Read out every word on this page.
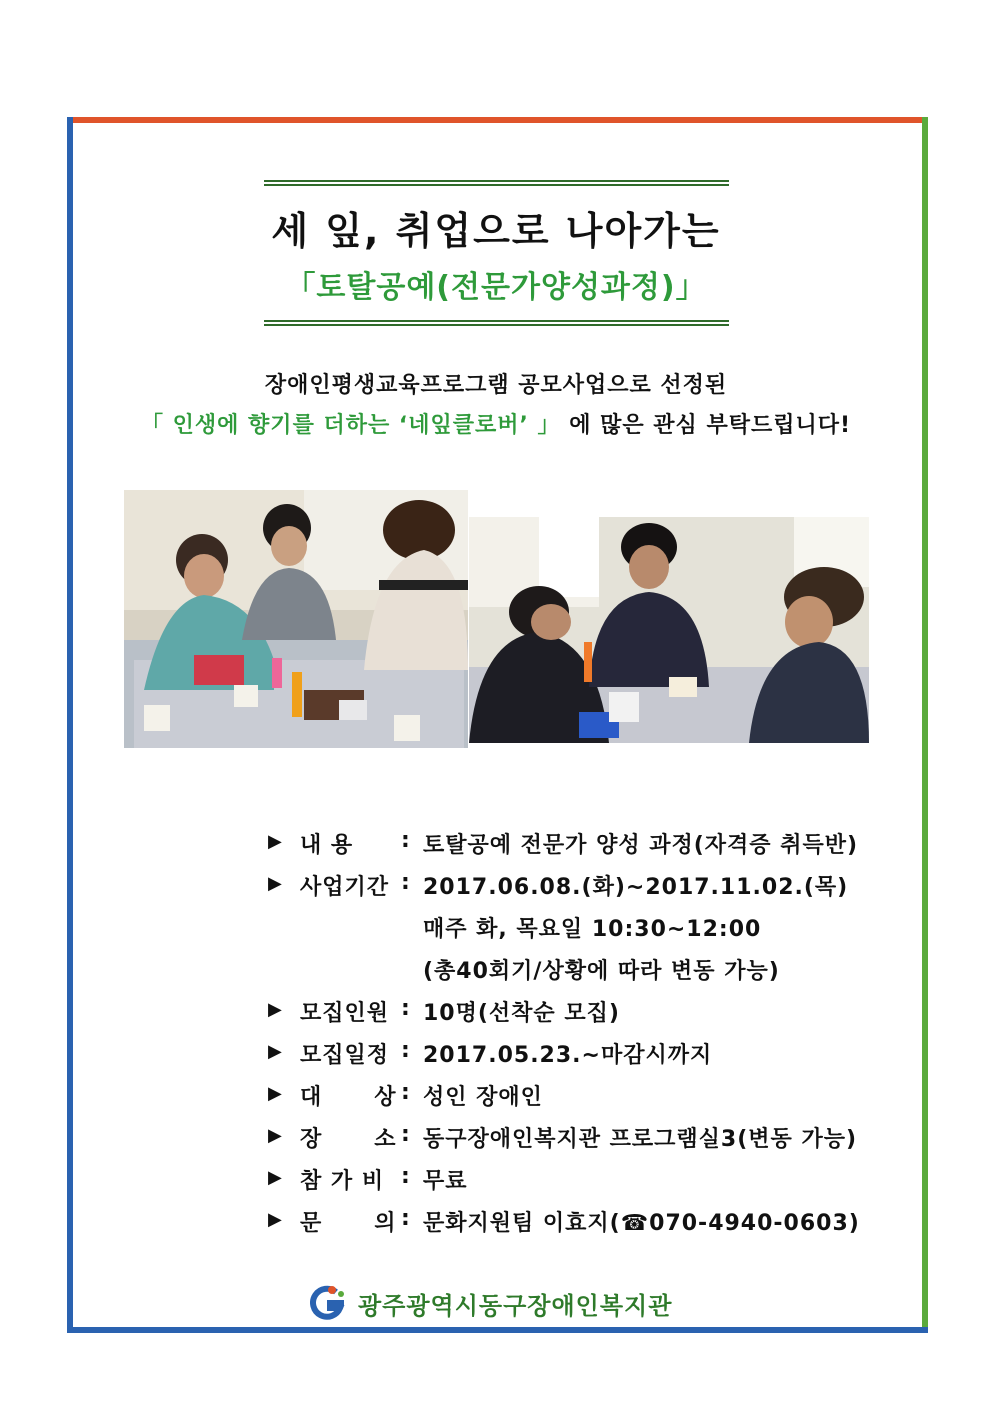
세 잎, 취업으로 나아가는
「토탈공예(전문가양성과정)」
장애인평생교육프로그램 공모사업으로 선정된
「 인생에 향기를 더하는 ‘네잎클로버’ 」 에 많은 관심 부탁드립니다!
▶ 내 용	: 토탈공예 전문가 양성 과정(자격증 취득반)
▶ 사업기간 : 2017.06.08.(화)~2017.11.02.(목)
매주 화, 목요일 10:30~12:00
(총40회기/상황에 따라 변동 가능)
▶ 모집인원 : 10명(선착순 모집)
▶ 모집일정 : 2017.05.23.~마감시까지
▶ 대      상 : 성인 장애인
▶ 장      소 : 동구장애인복지관 프로그램실3(변동 가능)
▶ 참 가 비 : 무료
▶ 문      의 : 문화지원팀 이효지(☎070-4940-0603)
광주광역시동구장애인복지관
